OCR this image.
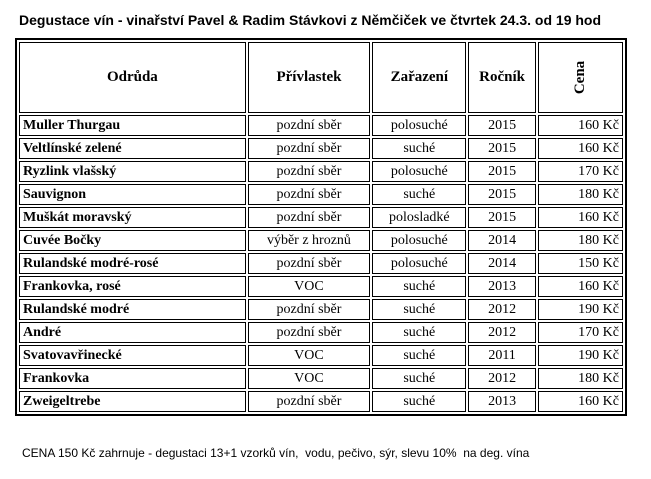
Degustace vín - vinařství Pavel & Radim Stávkovi z Němčiček ve čtvrtek 24.3. od 19 hod
Odrůda	Přívlastek	Zařazení	Ročník	Cena
Muller Thurgau	pozdní sběr	polosuché	2015	160 Kč
Veltlínské zelené	pozdní sběr	suché	2015	160 Kč
Ryzlink vlašský	pozdní sběr	polosuché	2015	170 Kč
Sauvignon	pozdní sběr	suché	2015	180 Kč
Muškát moravský	pozdní sběr	polosladké	2015	160 Kč
Cuvée Bočky	výběr z hroznů	polosuché	2014	180 Kč
Rulandské modré-rosé	pozdní sběr	polosuché	2014	150 Kč
Frankovka, rosé	VOC	suché	2013	160 Kč
Rulandské modré	pozdní sběr	suché	2012	190 Kč
André	pozdní sběr	suché	2012	170 Kč
Svatovavřinecké	VOC	suché	2011	190 Kč
Frankovka	VOC	suché	2012	180 Kč
Zweigeltrebe	pozdní sběr	suché	2013	160 Kč
CENA 150 Kč zahrnuje - degustaci 13+1 vzorků vín,  vodu, pečivo, sýr, slevu 10%  na deg. vína
